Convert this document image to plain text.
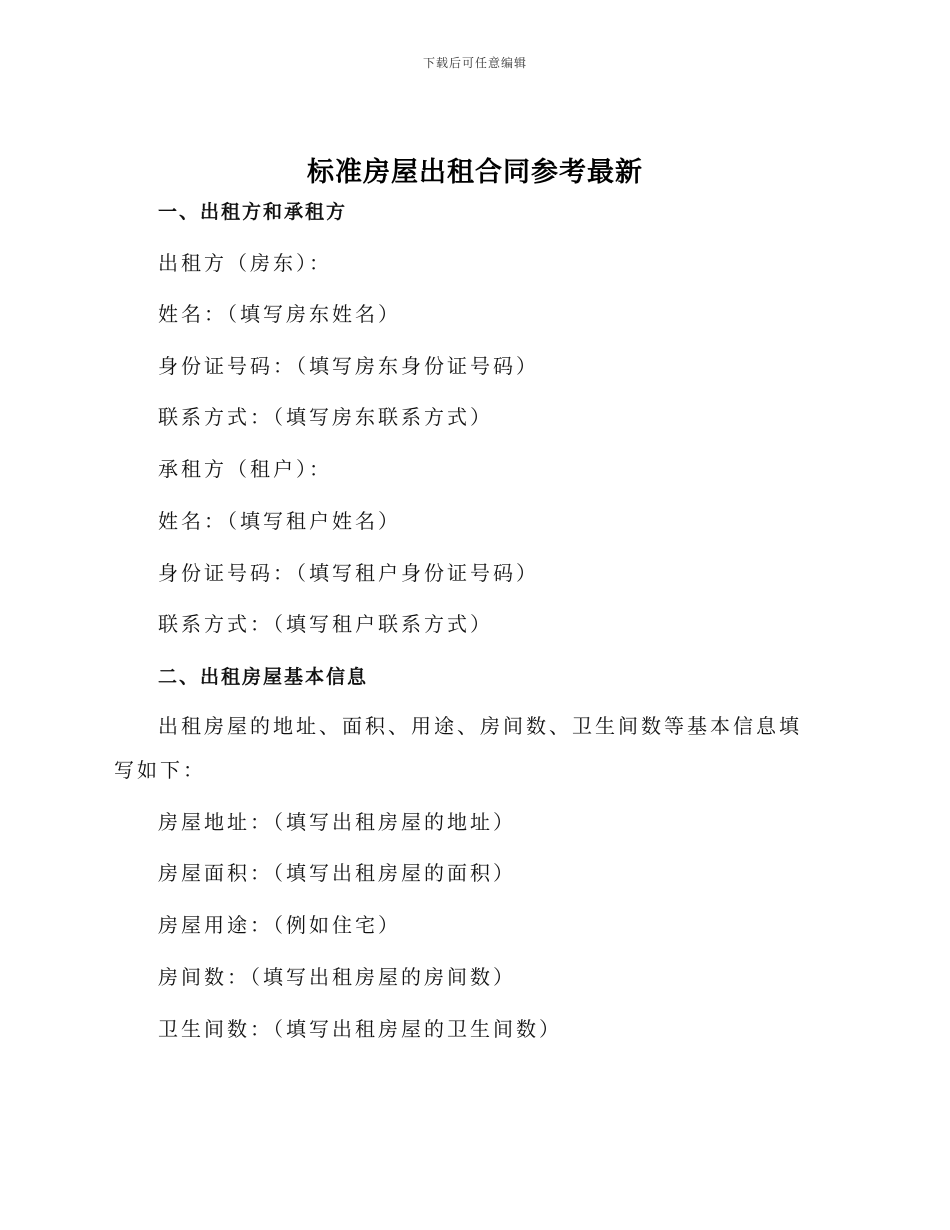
下载后可任意编辑
标准房屋出租合同参考最新
一、出租方和承租方
出租方（房东）：
姓名：（填写房东姓名）
身份证号码：（填写房东身份证号码）
联系方式：（填写房东联系方式）
承租方（租户）：
姓名：（填写租户姓名）
身份证号码：（填写租户身份证号码）
联系方式：（填写租户联系方式）
二、出租房屋基本信息
出租房屋的地址、面积、用途、房间数、卫生间数等基本信息填写如下：
房屋地址：（填写出租房屋的地址）
房屋面积：（填写出租房屋的面积）
房屋用途：（例如住宅）
房间数：（填写出租房屋的房间数）
卫生间数：（填写出租房屋的卫生间数）
